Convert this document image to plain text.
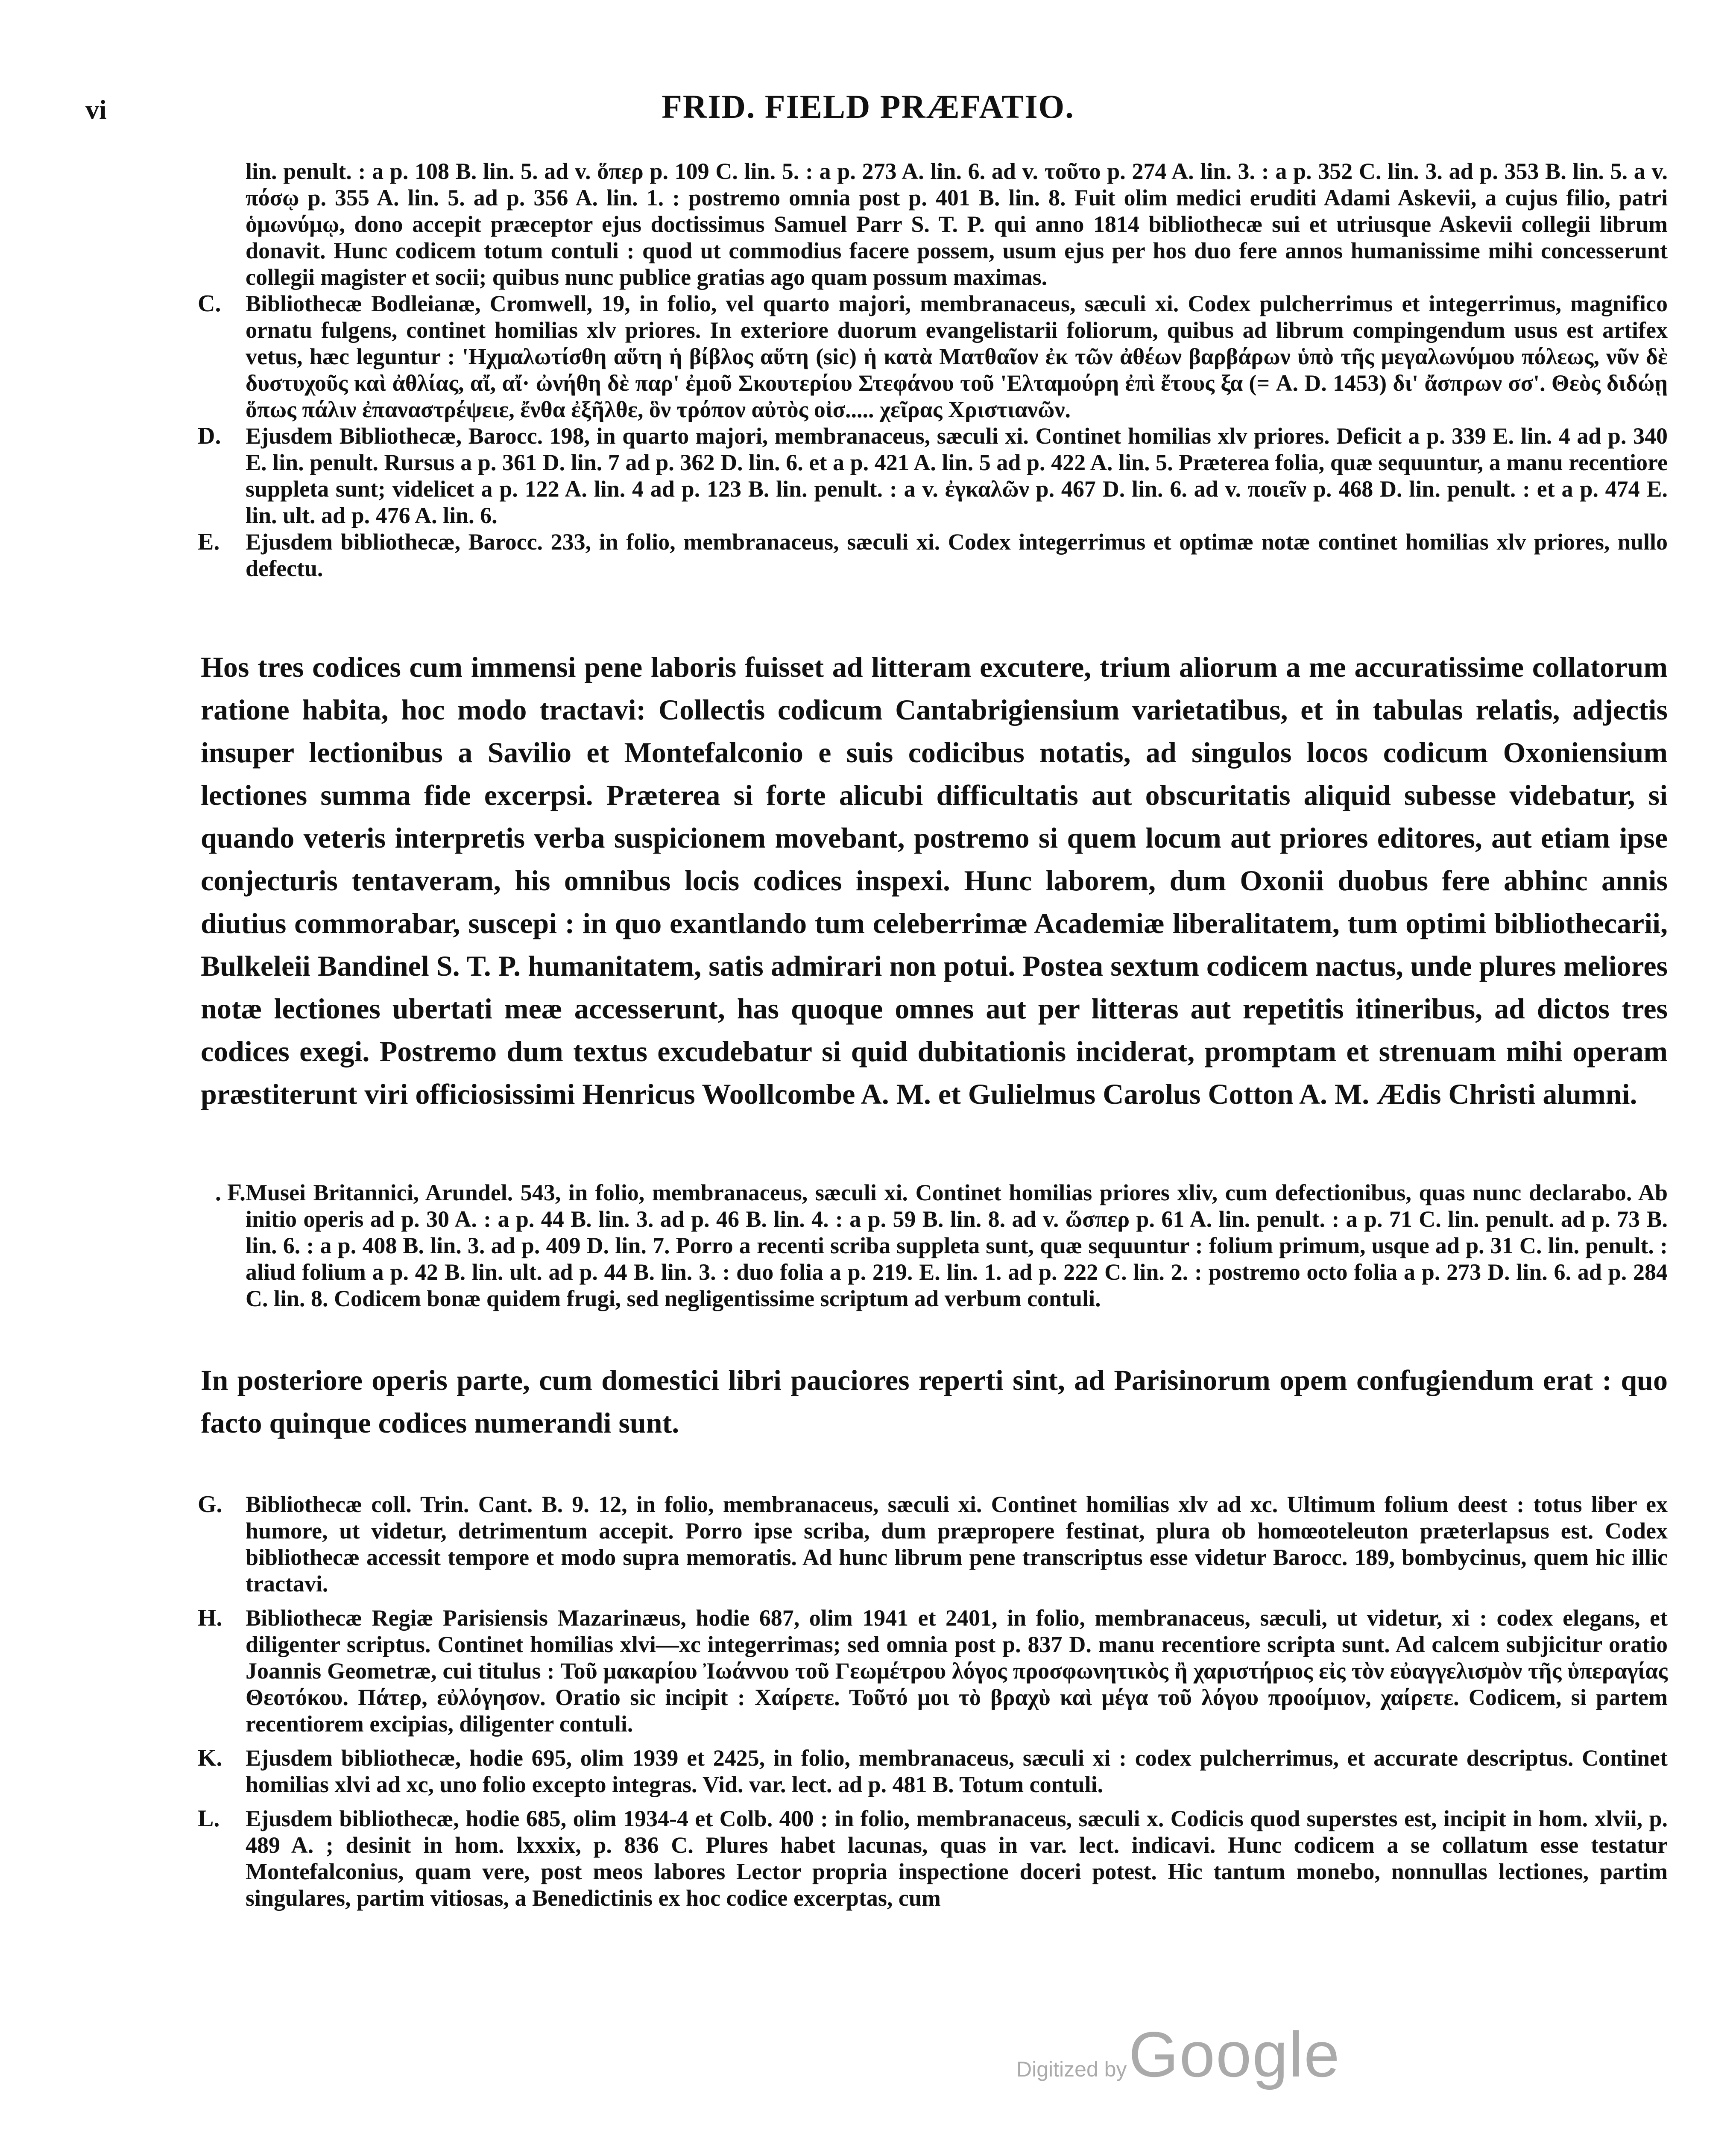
vi	FRID. FIELD PRÆFATIO.
lin. penult. : a p. 108 B. lin. 5. ad v. ὅπερ p. 109 C. lin. 5. : a p. 273 A. lin. 6. ad v. τοῦτο p. 274 A. lin. 3. : a p. 352 C. lin. 3. ad p. 353 B. lin. 5. a v. πόσῳ p. 355 A. lin. 5. ad p. 356 A. lin. 1. : postremo omnia post p. 401 B. lin. 8. Fuit olim medici eruditi Adami Askevii, a cujus filio, patri ὁμωνύμῳ, dono accepit præceptor ejus doctissimus Samuel Parr S. T. P. qui anno 1814 bibliothecæ sui et utriusque Askevii collegii librum donavit. Hunc codicem totum contuli : quod ut commodius facere possem, usum ejus per hos duo fere annos humanissime mihi concesserunt collegii magister et socii; quibus nunc publice gratias ago quam possum maximas.
C.	Bibliothecæ Bodleianæ, Cromwell, 19, in folio, vel quarto majori, membranaceus, sæculi xi. Codex pulcherrimus et integerrimus, magnifico ornatu fulgens, continet homilias xlv priores. In exteriore duorum evangelistarii foliorum, quibus ad librum compingendum usus est artifex vetus, hæc leguntur : 'Ηχμαλωτίσθη αὕτη ἡ βίβλος αὕτη (sic) ἡ κατὰ Ματθαῖον ἐκ τῶν ἀθέων βαρβάρων ὑπὸ τῆς μεγαλωνύμου πόλεως, νῦν δὲ δυστυχοῦς καὶ ἀθλίας, αἴ, αἴ· ὠνήθη δὲ παρ' ἐμοῦ Σκουτερίου Στεφάνου τοῦ 'Ελταμούρη ἐπὶ ἔτους ξα (= A. D. 1453) δι' ἄσπρων σσ'. Θεὸς διδώῃ ὅπως πάλιν ἐπαναστρέψειε, ἔνθα ἐξῆλθε, ὃν τρόπον αὐτὸς οἰσ..... χεῖρας Χριστιανῶν.
D.	Ejusdem Bibliothecæ, Barocc. 198, in quarto majori, membranaceus, sæculi xi. Continet homilias xlv priores. Deficit a p. 339 E. lin. 4 ad p. 340 E. lin. penult. Rursus a p. 361 D. lin. 7 ad p. 362 D. lin. 6. et a p. 421 A. lin. 5 ad p. 422 A. lin. 5. Præterea folia, quæ sequuntur, a manu recentiore suppleta sunt; videlicet a p. 122 A. lin. 4 ad p. 123 B. lin. penult. : a v. ἐγκαλῶν p. 467 D. lin. 6. ad v. ποιεῖν p. 468 D. lin. penult. : et a p. 474 E. lin. ult. ad p. 476 A. lin. 6.
E.	Ejusdem bibliothecæ, Barocc. 233, in folio, membranaceus, sæculi xi. Codex integerrimus et optimæ notæ continet homilias xlv priores, nullo defectu.
Hos tres codices cum immensi pene laboris fuisset ad litteram excutere, trium aliorum a me accuratissime collatorum ratione habita, hoc modo tractavi: Collectis codicum Cantabrigiensium varietatibus, et in tabulas relatis, adjectis insuper lectionibus a Savilio et Montefalconio e suis codicibus notatis, ad singulos locos codicum Oxoniensium lectiones summa fide excerpsi. Præterea si forte alicubi difficultatis aut obscuritatis aliquid subesse videbatur, si quando veteris interpretis verba suspicionem movebant, postremo si quem locum aut priores editores, aut etiam ipse conjecturis tentaveram, his omnibus locis codices inspexi. Hunc laborem, dum Oxonii duobus fere abhinc annis diutius commorabar, suscepi : in quo exantlando tum celeberrimæ Academiæ liberalitatem, tum optimi bibliothecarii, Bulkeleii Bandinel S. T. P. humanitatem, satis admirari non potui. Postea sextum codicem nactus, unde plures meliores notæ lectiones ubertati meæ accesserunt, has quoque omnes aut per litteras aut repetitis itineribus, ad dictos tres codices exegi. Postremo dum textus excudebatur si quid dubitationis inciderat, promptam et strenuam mihi operam præstiterunt viri officiosissimi Henricus Woollcombe A. M. et Gulielmus Carolus Cotton A. M. Ædis Christi alumni.
. F. Musei Britannici, Arundel. 543, in folio, membranaceus, sæculi xi. Continet homilias priores xliv, cum defectionibus, quas nunc declarabo. Ab initio operis ad p. 30 A. : a p. 44 B. lin. 3. ad p. 46 B. lin. 4. : a p. 59 B. lin. 8. ad v. ὥσπερ p. 61 A. lin. penult. : a p. 71 C. lin. penult. ad p. 73 B. lin. 6. : a p. 408 B. lin. 3. ad p. 409 D. lin. 7. Porro a recenti scriba suppleta sunt, quæ sequuntur : folium primum, usque ad p. 31 C. lin. penult. : aliud folium a p. 42 B. lin. ult. ad p. 44 B. lin. 3. : duo folia a p. 219. E. lin. 1. ad p. 222 C. lin. 2. : postremo octo folia a p. 273 D. lin. 6. ad p. 284 C. lin. 8. Codicem bonæ quidem frugi, sed negligentissime scriptum ad verbum contuli.
In posteriore operis parte, cum domestici libri pauciores reperti sint, ad Parisinorum opem confugiendum erat : quo facto quinque codices numerandi sunt.
G.	Bibliothecæ coll. Trin. Cant. B. 9. 12, in folio, membranaceus, sæculi xi. Continet homilias xlv ad xc. Ultimum folium deest : totus liber ex humore, ut videtur, detrimentum accepit. Porro ipse scriba, dum præpropere festinat, plura ob homœoteleuton præterlapsus est. Codex bibliothecæ accessit tempore et modo supra memoratis. Ad hunc librum pene transcriptus esse videtur Barocc. 189, bombycinus, quem hic illic tractavi.
H.	Bibliothecæ Regiæ Parisiensis Mazarinæus, hodie 687, olim 1941 et 2401, in folio, membranaceus, sæculi, ut videtur, xi : codex elegans, et diligenter scriptus. Continet homilias xlvi—xc integerrimas; sed omnia post p. 837 D. manu recentiore scripta sunt. Ad calcem subjicitur oratio Joannis Geometræ, cui titulus : Τοῦ μακαρίου Ἰωάννου τοῦ Γεωμέτρου λόγος προσφωνητικὸς ἢ χαριστήριος εἰς τὸν εὐαγγελισμὸν τῆς ὑπεραγίας Θεοτόκου. Πάτερ, εὐλόγησον. Oratio sic incipit : Χαίρετε. Τοῦτό μοι τὸ βραχὺ καὶ μέγα τοῦ λόγου προοίμιον, χαίρετε. Codicem, si partem recentiorem excipias, diligenter contuli.
K.	Ejusdem bibliothecæ, hodie 695, olim 1939 et 2425, in folio, membranaceus, sæculi xi : codex pulcherrimus, et accurate descriptus. Continet homilias xlvi ad xc, uno folio excepto integras. Vid. var. lect. ad p. 481 B. Totum contuli.
L.	Ejusdem bibliothecæ, hodie 685, olim 1934-4 et Colb. 400 : in folio, membranaceus, sæculi x. Codicis quod superstes est, incipit in hom. xlvii, p. 489 A. ; desinit in hom. lxxxix, p. 836 C. Plures habet lacunas, quas in var. lect. indicavi. Hunc codicem a se collatum esse testatur Montefalconius, quam vere, post meos labores Lector propria inspectione doceri potest. Hic tantum monebo, nonnullas lectiones, partim singulares, partim vitiosas, a Benedictinis ex hoc codice excerptas, cum
Digitized by Google
